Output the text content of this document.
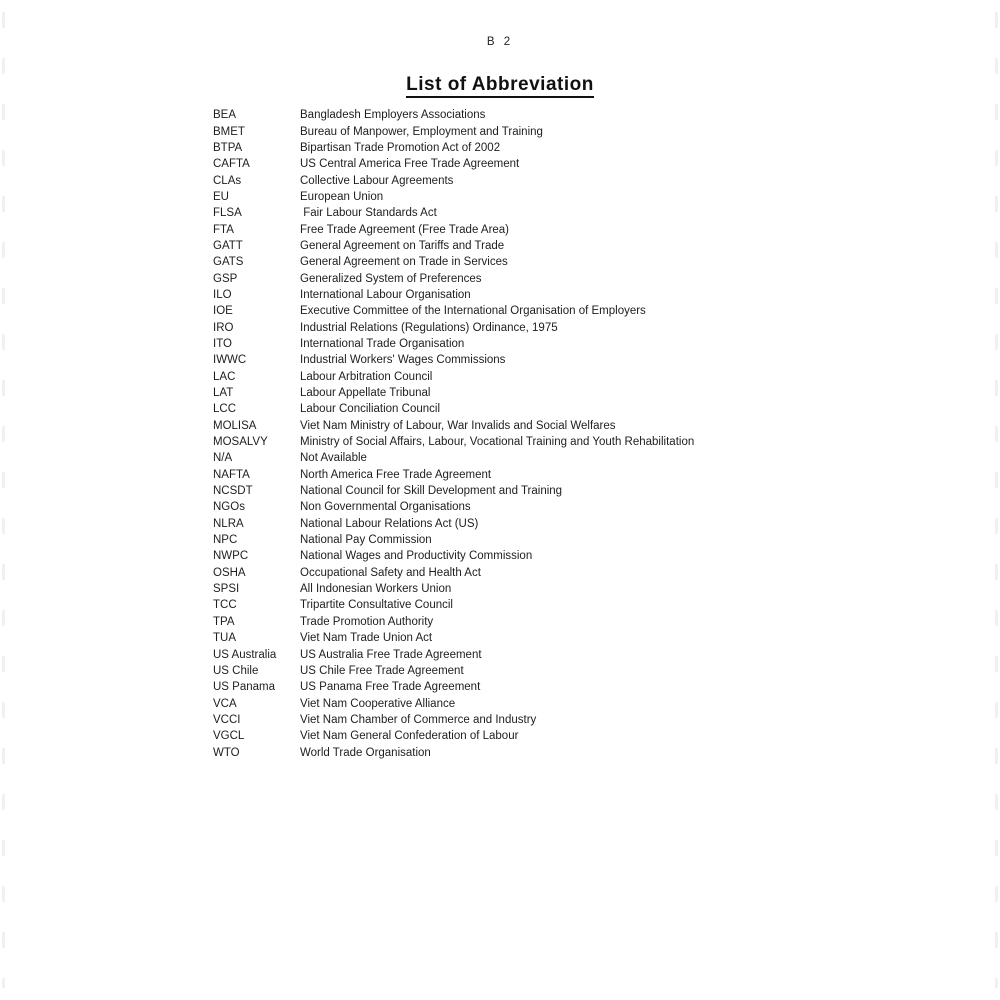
B 2
List of Abbreviation
BEA	Bangladesh Employers Associations
BMET	Bureau of Manpower, Employment and Training
BTPA	Bipartisan Trade Promotion Act of 2002
CAFTA	US Central America Free Trade Agreement
CLAs	Collective Labour Agreements
EU	European Union
FLSA	Fair Labour Standards Act
FTA	Free Trade Agreement (Free Trade Area)
GATT	General Agreement on Tariffs and Trade
GATS	General Agreement on Trade in Services
GSP	Generalized System of Preferences
ILO	International Labour Organisation
IOE	Executive Committee of the International Organisation of Employers
IRO	Industrial Relations (Regulations) Ordinance, 1975
ITO	International Trade Organisation
IWWC	Industrial Workers' Wages Commissions
LAC	Labour Arbitration Council
LAT	Labour Appellate Tribunal
LCC	Labour Conciliation Council
MOLISA	Viet Nam Ministry of Labour, War Invalids and Social Welfares
MOSALVY	Ministry of Social Affairs, Labour, Vocational Training and Youth Rehabilitation
N/A	Not Available
NAFTA	North America Free Trade Agreement
NCSDT	National Council for Skill Development and Training
NGOs	Non Governmental Organisations
NLRA	National Labour Relations Act (US)
NPC	National Pay Commission
NWPC	National Wages and Productivity Commission
OSHA	Occupational Safety and Health Act
SPSI	All Indonesian Workers Union
TCC	Tripartite Consultative Council
TPA	Trade Promotion Authority
TUA	Viet Nam Trade Union Act
US Australia	US Australia Free Trade Agreement
US Chile	US Chile Free Trade Agreement
US Panama	US Panama Free Trade Agreement
VCA	Viet Nam Cooperative Alliance
VCCI	Viet Nam Chamber of Commerce and Industry
VGCL	Viet Nam General Confederation of Labour
WTO	World Trade Organisation
